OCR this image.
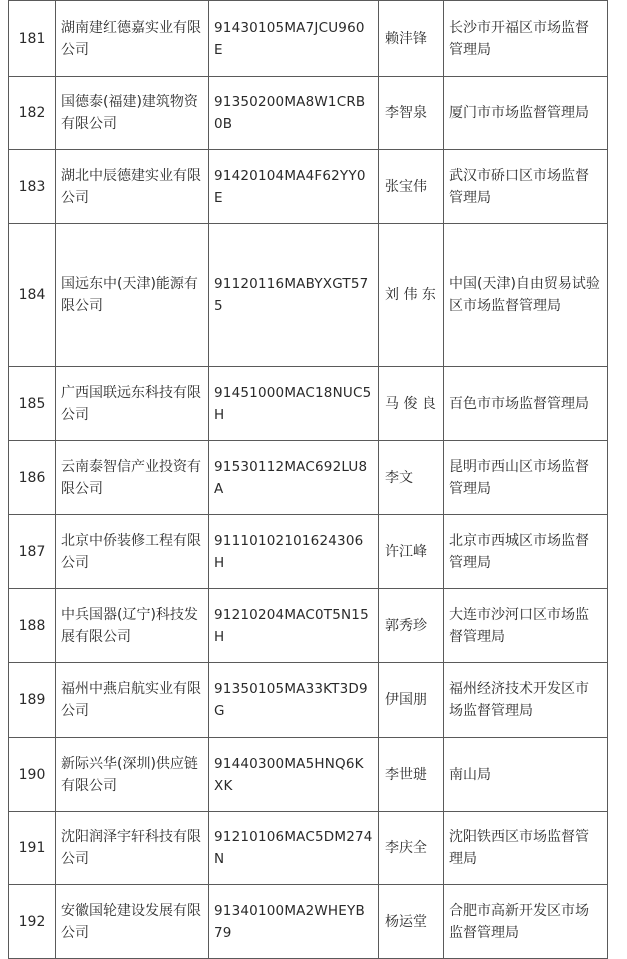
181	湖南建红德嘉实业有限公司	91430105MA7JCU960E	赖沣锋	长沙市开福区市场监督管理局
182	国德泰(福建)建筑物资有限公司	91350200MA8W1CRB0B	李智泉	厦门市市场监督管理局
183	湖北中辰德建实业有限公司	91420104MA4F62YY0E	张宝伟	武汉市硚口区市场监督管理局
184	国远东中(天津)能源有限公司	91120116MABYXGT575	刘 伟 东	中国(天津)自由贸易试验区市场监督管理局
185	广西国联远东科技有限公司	91451000MAC18NUC5H	马 俊 良	百色市市场监督管理局
186	云南泰智信产业投资有限公司	91530112MAC692LU8A	李文	昆明市西山区市场监督管理局
187	北京中侨装修工程有限公司	91110102101624306H	许江峰	北京市西城区市场监督管理局
188	中兵国器(辽宁)科技发展有限公司	91210204MAC0T5N15H	郭秀珍	大连市沙河口区市场监督管理局
189	福州中燕启航实业有限公司	91350105MA33KT3D9G	伊国朋	福州经济技术开发区市场监督管理局
190	新际兴华(深圳)供应链有限公司	91440300MA5HNQ6KXK	李世琎	南山局
191	沈阳润泽宇轩科技有限公司	91210106MAC5DM274N	李庆全	沈阳铁西区市场监督管理局
192	安徽国轮建设发展有限公司	91340100MA2WHEYB79	杨运堂	合肥市高新开发区市场监督管理局
